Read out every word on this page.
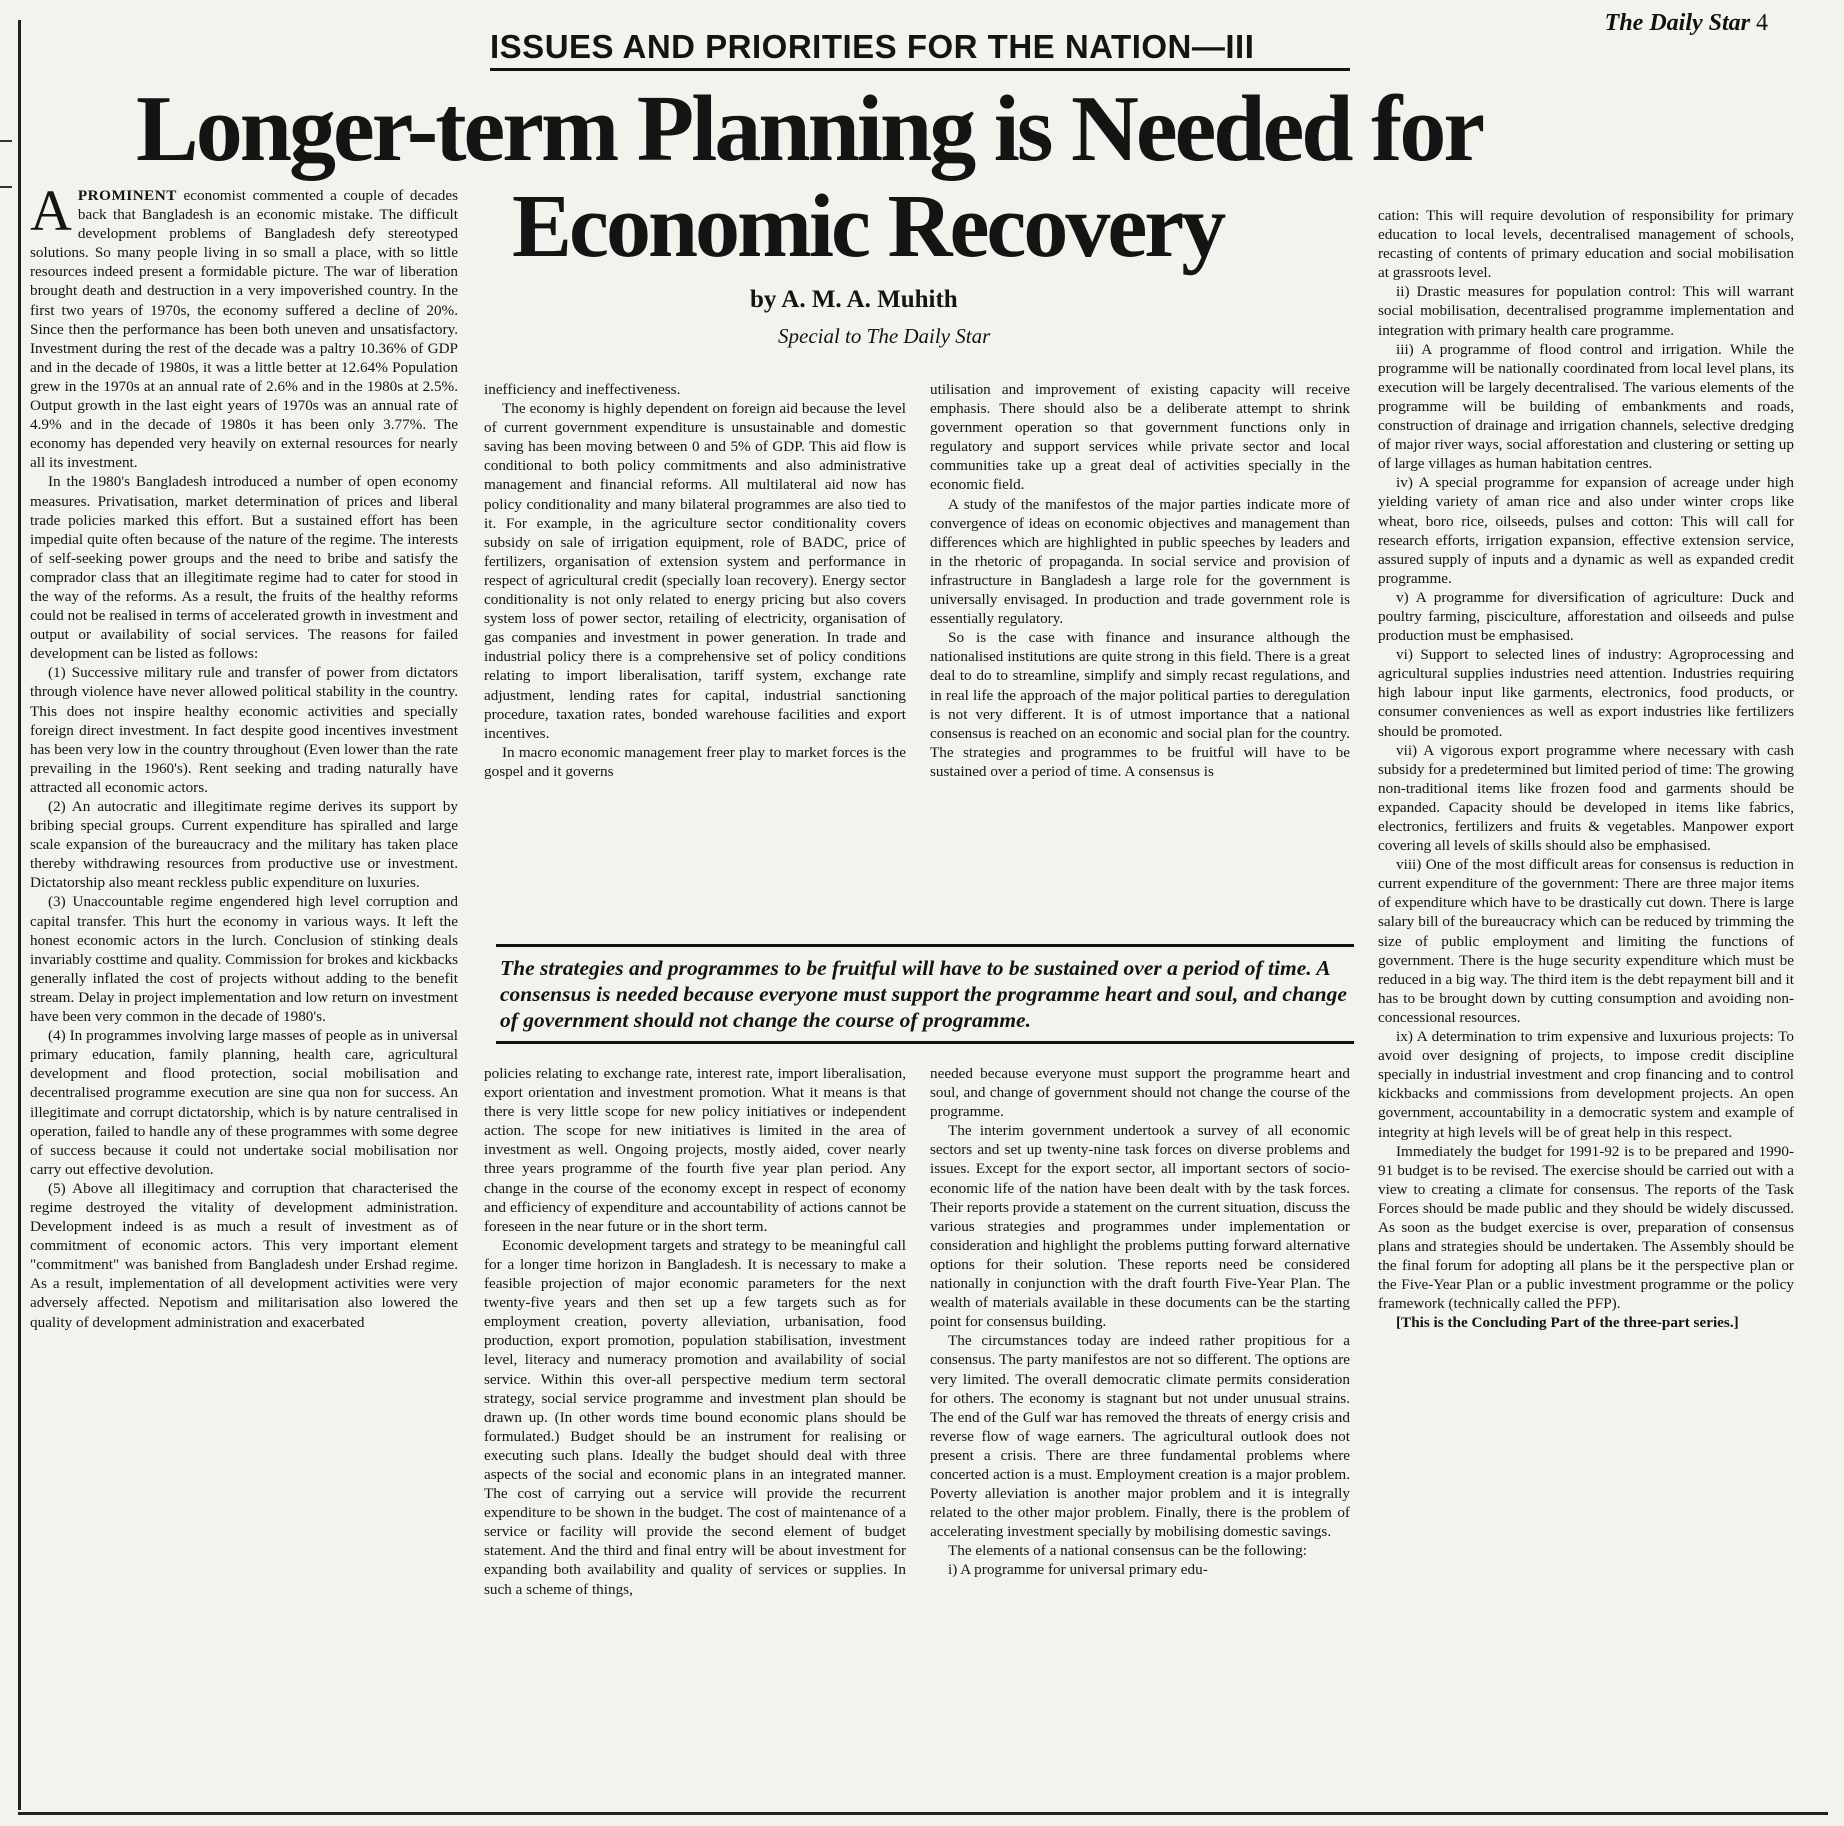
The Daily Star 4
ISSUES AND PRIORITIES FOR THE NATION—III
Longer-term Planning is Needed for
Economic Recovery
by A. M. A. Muhith
Special to The Daily Star

APROMINENT economist commented a couple of decades back that Bangladesh is an economic mistake. The difficult development problems of Bangladesh defy stereotyped solutions. So many people living in so small a place, with so little resources indeed present a formidable picture. The war of liberation brought death and destruction in a very impoverished country. In the first two years of 1970s, the economy suffered a decline of 20%. Since then the performance has been both uneven and unsatisfactory. Investment during the rest of the decade was a paltry 10.36% of GDP and in the decade of 1980s, it was a little better at 12.64% Population grew in the 1970s at an annual rate of 2.6% and in the 1980s at 2.5%. Output growth in the last eight years of 1970s was an annual rate of 4.9% and in the decade of 1980s it has been only 3.77%. The economy has depended very heavily on external resources for nearly all its investment.

In the 1980's Bangladesh introduced a number of open economy measures. Privatisation, market determination of prices and liberal trade policies marked this effort. But a sustained effort has been impedial quite often because of the nature of the regime. The interests of self-seeking power groups and the need to bribe and satisfy the comprador class that an illegitimate regime had to cater for stood in the way of the reforms. As a result, the fruits of the healthy reforms could not be realised in terms of accelerated growth in investment and output or availability of social services. The reasons for failed development can be listed as follows:

(1) Successive military rule and transfer of power from dictators through violence have never allowed political stability in the country. This does not inspire healthy economic activities and specially foreign direct investment. In fact despite good incentives investment has been very low in the country throughout (Even lower than the rate prevailing in the 1960's). Rent seeking and trading naturally have attracted all economic actors.

(2) An autocratic and illegitimate regime derives its support by bribing special groups. Current expenditure has spiralled and large scale expansion of the bureaucracy and the military has taken place thereby withdrawing resources from productive use or investment. Dictatorship also meant reckless public expenditure on luxuries.

(3) Unaccountable regime engendered high level corruption and capital transfer. This hurt the economy in various ways. It left the honest economic actors in the lurch. Conclusion of stinking deals invariably costtime and quality. Commission for brokes and kickbacks generally inflated the cost of projects without adding to the benefit stream. Delay in project implementation and low return on investment have been very common in the decade of 1980's.

(4) In programmes involving large masses of people as in universal primary education, family planning, health care, agricultural development and flood protection, social mobilisation and decentralised programme execution are sine qua non for success. An illegitimate and corrupt dictatorship, which is by nature centralised in operation, failed to handle any of these programmes with some degree of success because it could not undertake social mobilisation nor carry out effective devolution.

(5) Above all illegitimacy and corruption that characterised the regime destroyed the vitality of development administration. Development indeed is as much a result of investment as of commitment of economic actors. This very important element "commitment" was banished from Bangladesh under Ershad regime. As a result, implementation of all development activities were very adversely affected. Nepotism and militarisation also lowered the quality of development administration and exacerbated

inefficiency and ineffectiveness.

The economy is highly dependent on foreign aid because the level of current government expenditure is unsustainable and domestic saving has been moving between 0 and 5% of GDP. This aid flow is conditional to both policy commitments and also administrative management and financial reforms. All multilateral aid now has policy conditionality and many bilateral programmes are also tied to it. For example, in the agriculture sector conditionality covers subsidy on sale of irrigation equipment, role of BADC, price of fertilizers, organisation of extension system and performance in respect of agricultural credit (specially loan recovery). Energy sector conditionality is not only related to energy pricing but also covers system loss of power sector, retailing of electricity, organisation of gas companies and investment in power generation. In trade and industrial policy there is a comprehensive set of policy conditions relating to import liberalisation, tariff system, exchange rate adjustment, lending rates for capital, industrial sanctioning procedure, taxation rates, bonded warehouse facilities and export incentives.

In macro economic management freer play to market forces is the gospel and it governs

utilisation and improvement of existing capacity will receive emphasis. There should also be a deliberate attempt to shrink government operation so that government functions only in regulatory and support services while private sector and local communities take up a great deal of activities specially in the economic field.

A study of the manifestos of the major parties indicate more of convergence of ideas on economic objectives and management than differences which are highlighted in public speeches by leaders and in the rhetoric of propaganda. In social service and provision of infrastructure in Bangladesh a large role for the government is universally envisaged. In production and trade government role is essentially regulatory.

So is the case with finance and insurance although the nationalised institutions are quite strong in this field. There is a great deal to do to streamline, simplify and simply recast regulations, and in real life the approach of the major political parties to deregulation is not very different. It is of utmost importance that a national consensus is reached on an economic and social plan for the country. The strategies and programmes to be fruitful will have to be sustained over a period of time. A consensus is

The strategies and programmes to be fruitful will have to be sustained over a period of time. A consensus is needed because everyone must support the programme heart and soul, and change of government should not change the course of programme.

policies relating to exchange rate, interest rate, import liberalisation, export orientation and investment promotion. What it means is that there is very little scope for new policy initiatives or independent action. The scope for new initiatives is limited in the area of investment as well. Ongoing projects, mostly aided, cover nearly three years programme of the fourth five year plan period. Any change in the course of the economy except in respect of economy and efficiency of expenditure and accountability of actions cannot be foreseen in the near future or in the short term.

Economic development targets and strategy to be meaningful call for a longer time horizon in Bangladesh. It is necessary to make a feasible projection of major economic parameters for the next twenty-five years and then set up a few targets such as for employment creation, poverty alleviation, urbanisation, food production, export promotion, population stabilisation, investment level, literacy and numeracy promotion and availability of social service. Within this over-all perspective medium term sectoral strategy, social service programme and investment plan should be drawn up. (In other words time bound economic plans should be formulated.) Budget should be an instrument for realising or executing such plans. Ideally the budget should deal with three aspects of the social and economic plans in an integrated manner. The cost of carrying out a service will provide the recurrent expenditure to be shown in the budget. The cost of maintenance of a service or facility will provide the second element of budget statement. And the third and final entry will be about investment for expanding both availability and quality of services or supplies. In such a scheme of things,

needed because everyone must support the programme heart and soul, and change of government should not change the course of the programme.

The interim government undertook a survey of all economic sectors and set up twenty-nine task forces on diverse problems and issues. Except for the export sector, all important sectors of socio-economic life of the nation have been dealt with by the task forces. Their reports provide a statement on the current situation, discuss the various strategies and programmes under implementation or consideration and highlight the problems putting forward alternative options for their solution. These reports need be considered nationally in conjunction with the draft fourth Five-Year Plan. The wealth of materials available in these documents can be the starting point for consensus building.

The circumstances today are indeed rather propitious for a consensus. The party manifestos are not so different. The options are very limited. The overall democratic climate permits consideration for others. The economy is stagnant but not under unusual strains. The end of the Gulf war has removed the threats of energy crisis and reverse flow of wage earners. The agricultural outlook does not present a crisis. There are three fundamental problems where concerted action is a must. Employment creation is a major problem. Poverty alleviation is another major problem and it is integrally related to the other major problem. Finally, there is the problem of accelerating investment specially by mobilising domestic savings.

The elements of a national consensus can be the following:

i) A programme for universal primary edu-

cation: This will require devolution of responsibility for primary education to local levels, decentralised management of schools, recasting of contents of primary education and social mobilisation at grassroots level.

ii) Drastic measures for population control: This will warrant social mobilisation, decentralised programme implementation and integration with primary health care programme.

iii) A programme of flood control and irrigation. While the programme will be nationally coordinated from local level plans, its execution will be largely decentralised. The various elements of the programme will be building of embankments and roads, construction of drainage and irrigation channels, selective dredging of major river ways, social afforestation and clustering or setting up of large villages as human habitation centres.

iv) A special programme for expansion of acreage under high yielding variety of aman rice and also under winter crops like wheat, boro rice, oilseeds, pulses and cotton: This will call for research efforts, irrigation expansion, effective extension service, assured supply of inputs and a dynamic as well as expanded credit programme.

v) A programme for diversification of agriculture: Duck and poultry farming, pisciculture, afforestation and oilseeds and pulse production must be emphasised.

vi) Support to selected lines of industry: Agroprocessing and agricultural supplies industries need attention. Industries requiring high labour input like garments, electronics, food products, or consumer conveniences as well as export industries like fertilizers should be promoted.

vii) A vigorous export programme where necessary with cash subsidy for a predetermined but limited period of time: The growing non-traditional items like frozen food and garments should be expanded. Capacity should be developed in items like fabrics, electronics, fertilizers and fruits & vegetables. Manpower export covering all levels of skills should also be emphasised.

viii) One of the most difficult areas for consensus is reduction in current expenditure of the government: There are three major items of expenditure which have to be drastically cut down. There is large salary bill of the bureaucracy which can be reduced by trimming the size of public employment and limiting the functions of government. There is the huge security expenditure which must be reduced in a big way. The third item is the debt repayment bill and it has to be brought down by cutting consumption and avoiding non-concessional resources.

ix) A determination to trim expensive and luxurious projects: To avoid over designing of projects, to impose credit discipline specially in industrial investment and crop financing and to control kickbacks and commissions from development projects. An open government, accountability in a democratic system and example of integrity at high levels will be of great help in this respect.

Immediately the budget for 1991-92 is to be prepared and 1990-91 budget is to be revised. The exercise should be carried out with a view to creating a climate for consensus. The reports of the Task Forces should be made public and they should be widely discussed. As soon as the budget exercise is over, preparation of consensus plans and strategies should be undertaken. The Assembly should be the final forum for adopting all plans be it the perspective plan or the Five-Year Plan or a public investment programme or the policy framework (technically called the PFP).

[This is the Concluding Part of the three-part series.]
